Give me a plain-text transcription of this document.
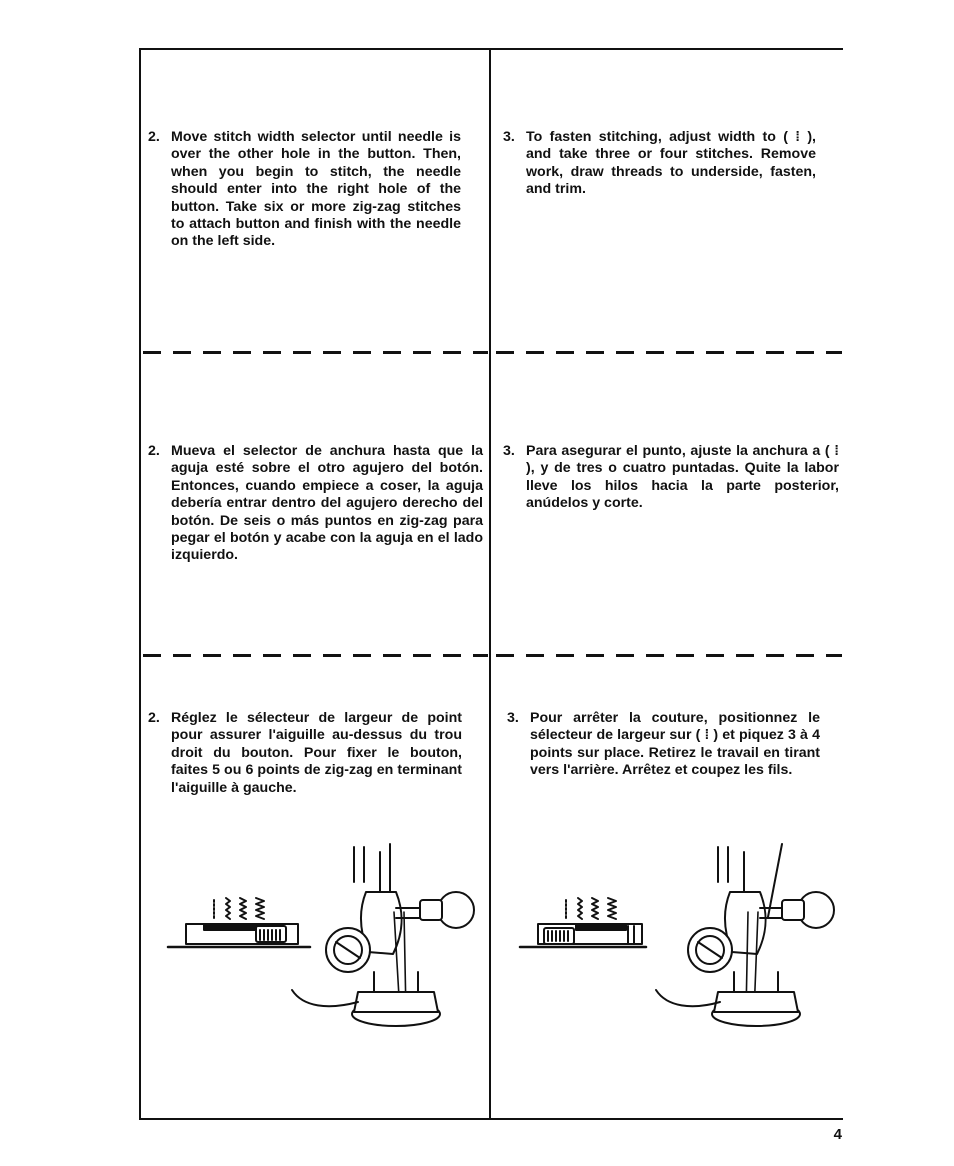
2. Move stitch width selector until needle is over the other hole in the button. Then, when you begin to stitch, the needle should enter into the right hole of the button. Take six or more zig-zag stitches to attach button and finish with the needle on the left side.
3. To fasten stitching, adjust width to ( ⁞ ), and take three or four stitches. Remove work, draw threads to underside, fasten, and trim.
2. Mueva el selector de anchura hasta que la aguja esté sobre el otro agujero del botón. Entonces, cuando empiece a coser, la aguja debería entrar dentro del agujero derecho del botón. De seis o más puntos en zig-zag para pegar el botón y acabe con la aguja en el lado izquierdo.
3. Para asegurar el punto, ajuste la anchura a ( ⁞ ), y de tres o cuatro puntadas. Quite la labor lleve los hilos hacia la parte posterior, anúdelos y corte.
2. Réglez le sélecteur de largeur de point pour assurer l'aiguille au-dessus du trou droit du bouton. Pour fixer le bouton, faites 5 ou 6 points de zig-zag en terminant l'aiguille à gauche.
3. Pour arrêter la couture, positionnez le sélecteur de largeur sur ( ⁞ ) et piquez 3 à 4 points sur place. Retirez le travail en tirant vers l'arrière. Arrêtez et coupez les fils.
4
